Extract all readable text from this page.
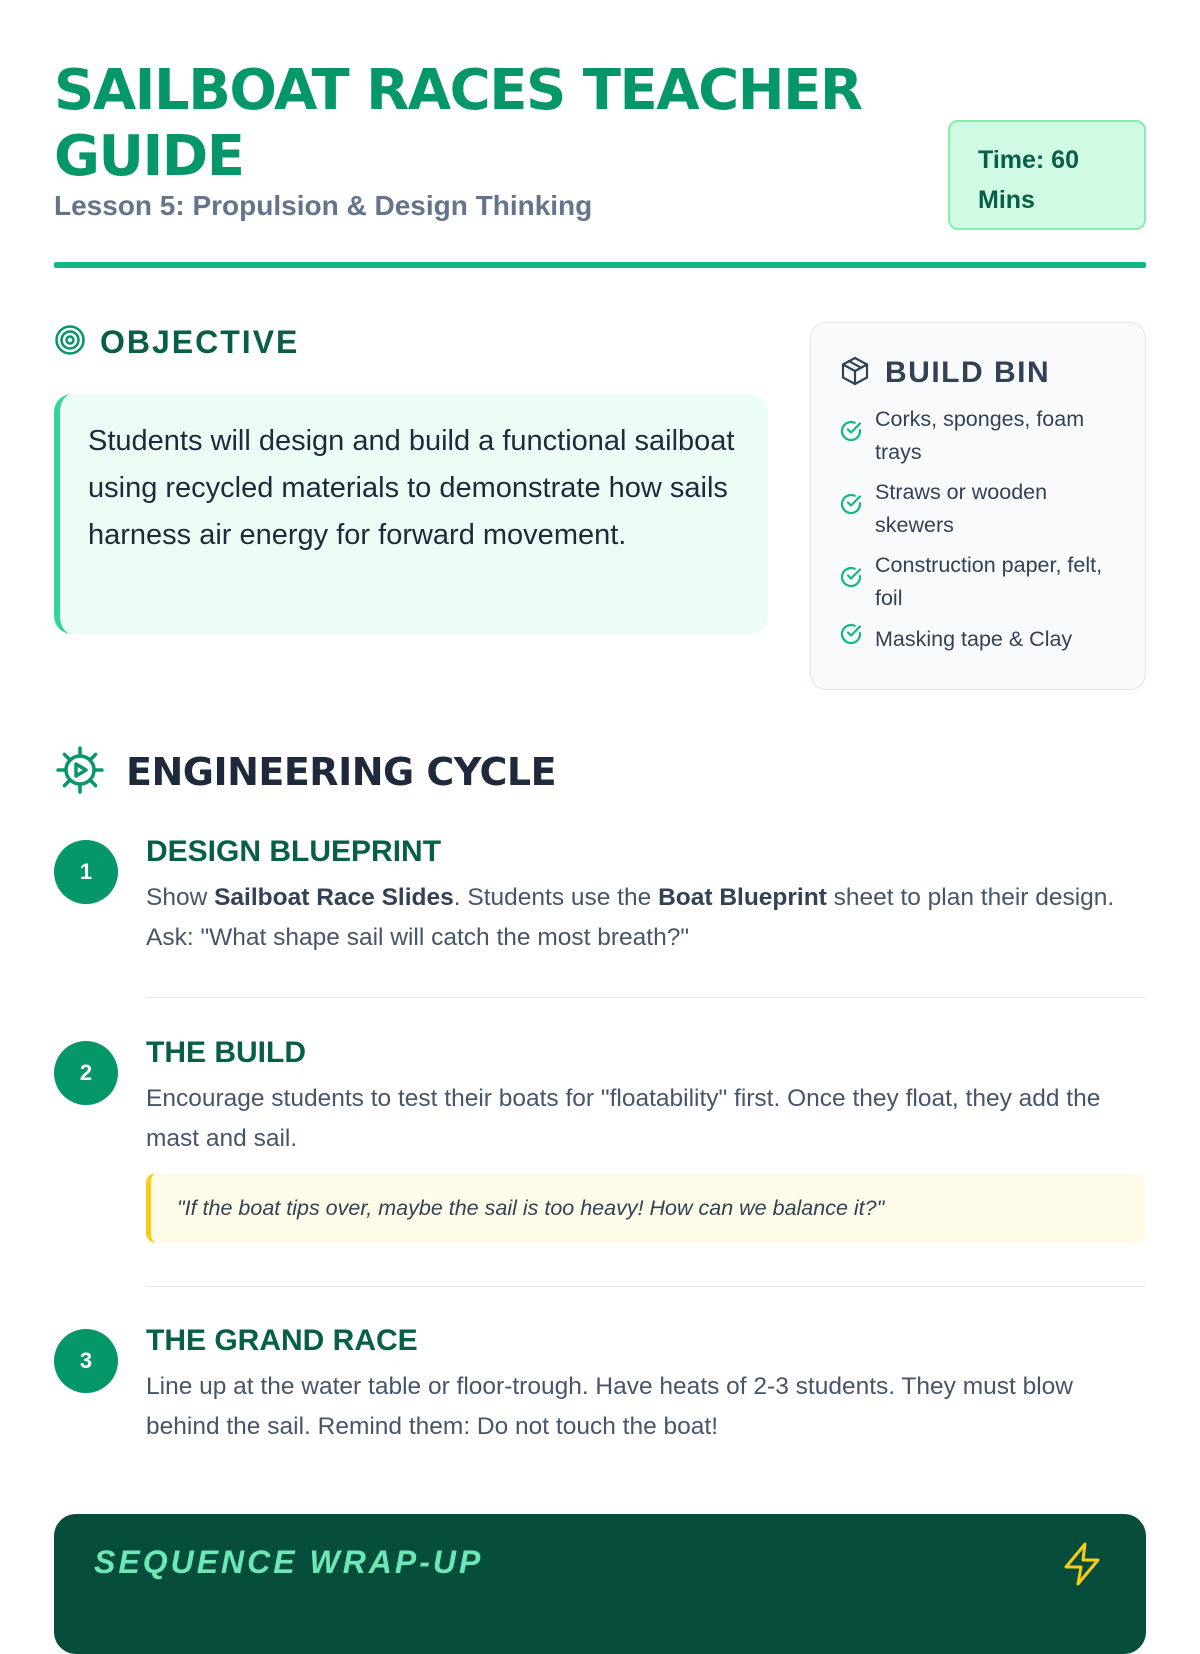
SAILBOAT RACES TEACHER GUIDE
Lesson 5: Propulsion & Design Thinking
Time: 60 Mins
OBJECTIVE
Students will design and build a functional sailboat using recycled materials to demonstrate how sails harness air energy for forward movement.
BUILD BIN
Corks, sponges, foam trays
Straws or wooden skewers
Construction paper, felt, foil
Masking tape & Clay
ENGINEERING CYCLE
1
DESIGN BLUEPRINT
Show Sailboat Race Slides. Students use the Boat Blueprint sheet to plan their design. Ask: "What shape sail will catch the most breath?"
2
THE BUILD
Encourage students to test their boats for "floatability" first. Once they float, they add the mast and sail.
"If the boat tips over, maybe the sail is too heavy! How can we balance it?"
3
THE GRAND RACE
Line up at the water table or floor-trough. Have heats of 2-3 students. They must blow behind the sail. Remind them: Do not touch the boat!
SEQUENCE WRAP-UP
